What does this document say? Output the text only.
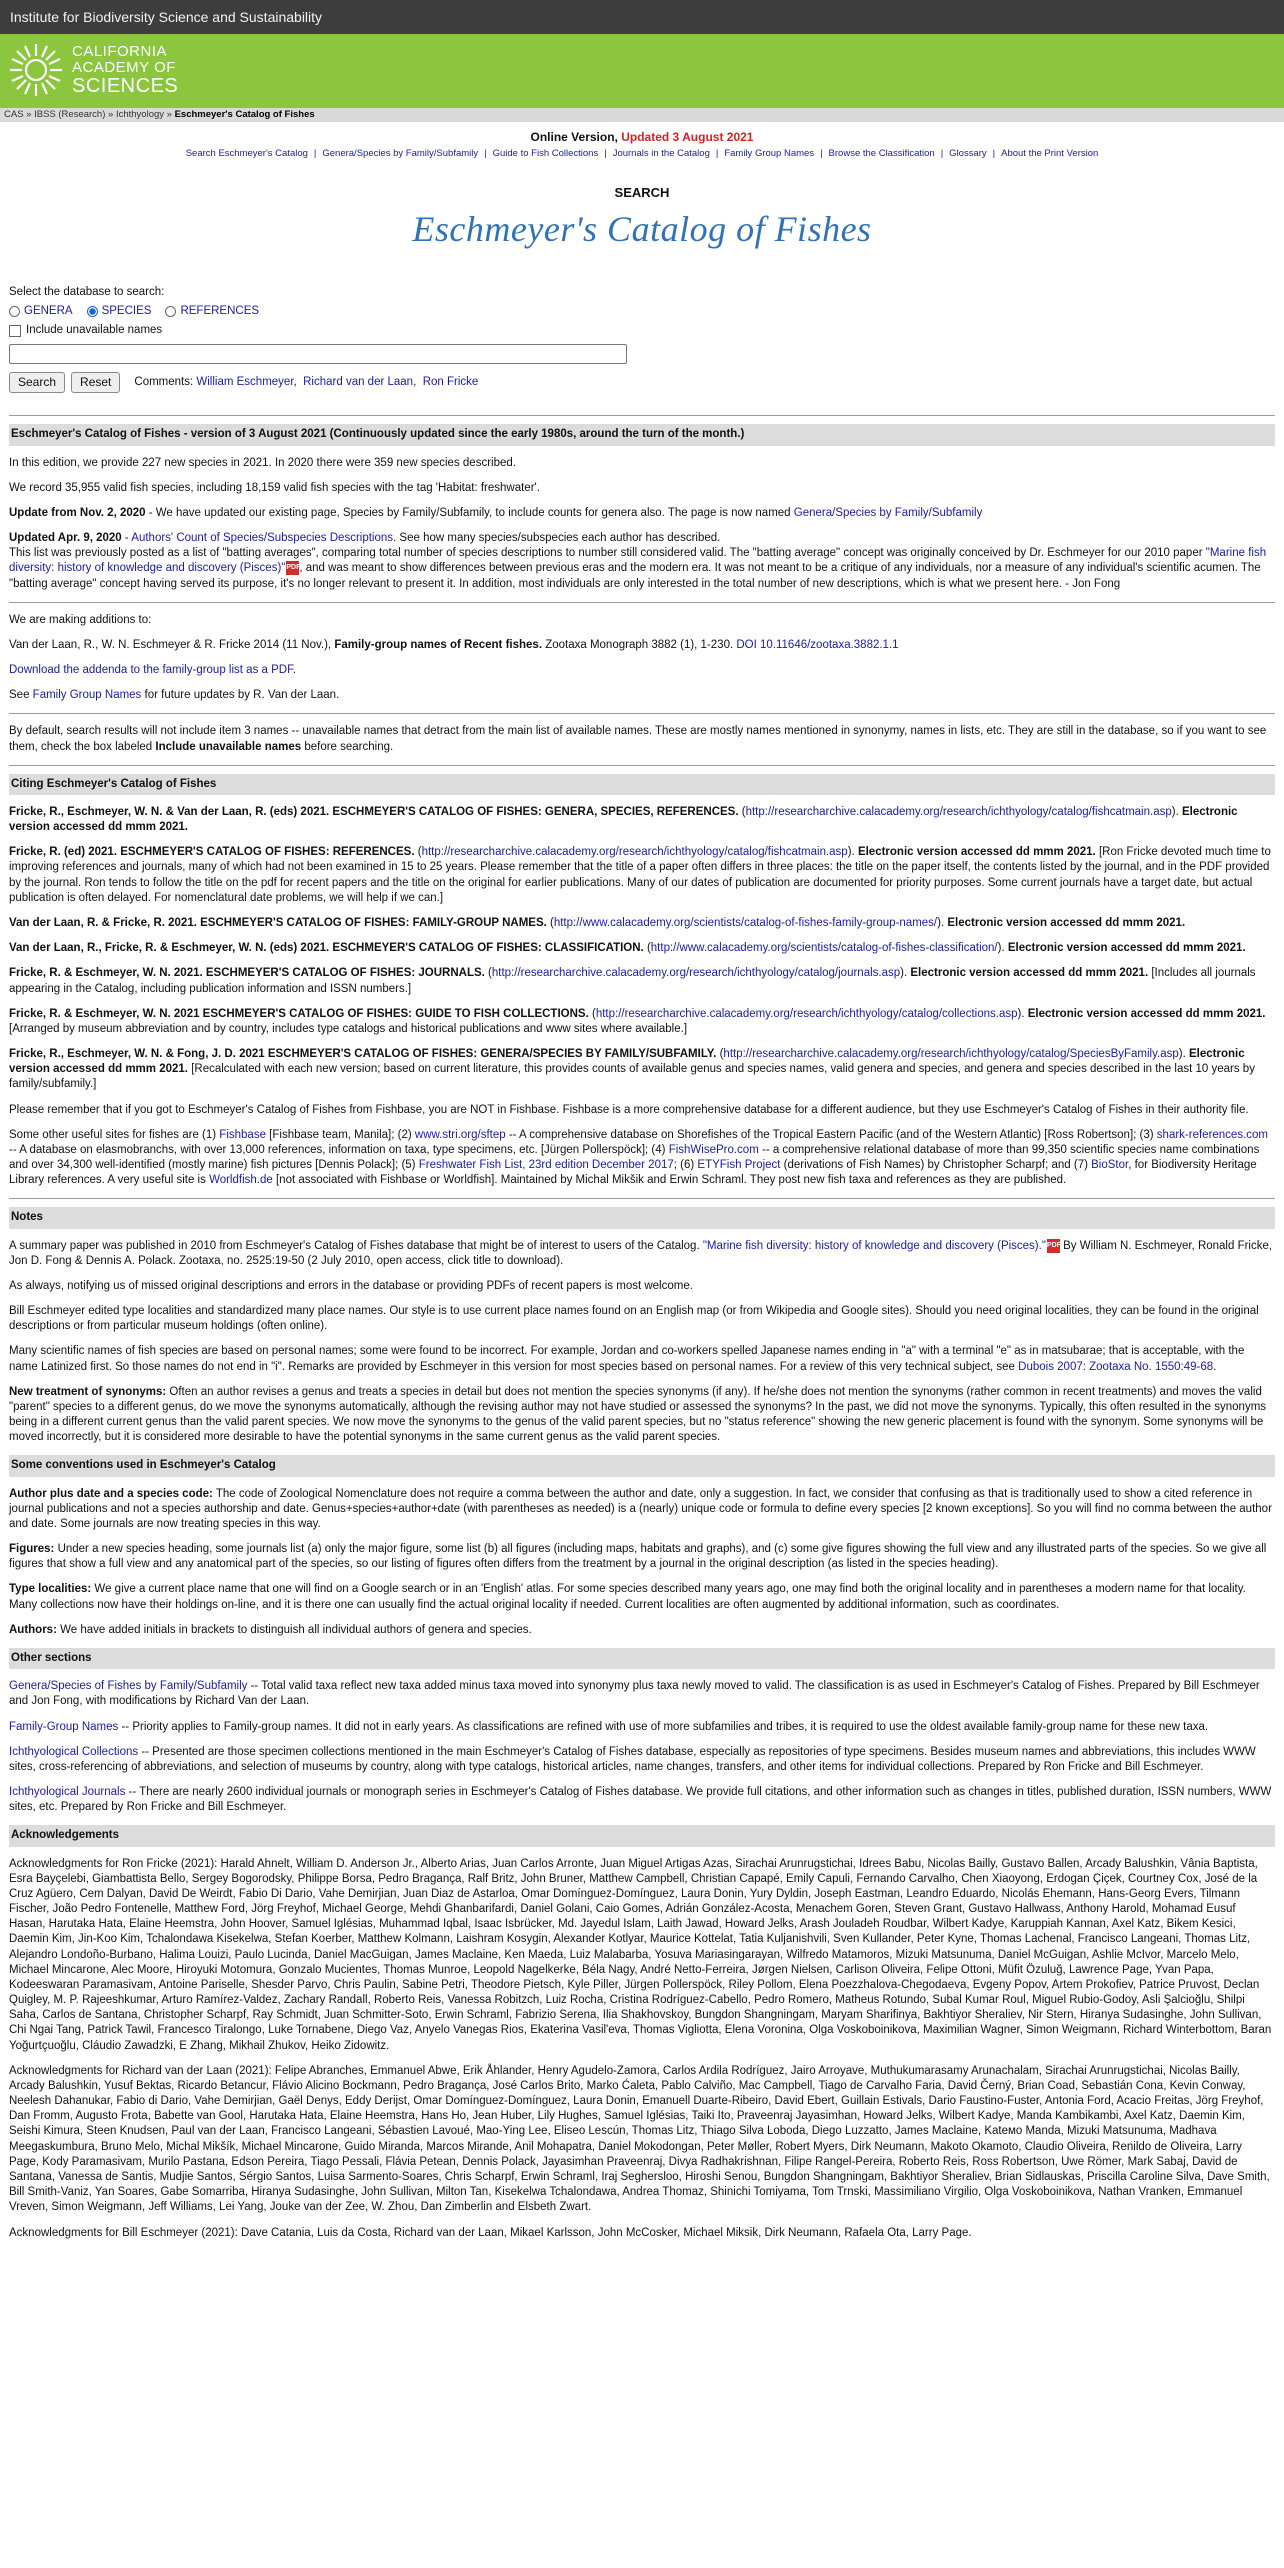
Institute for Biodiversity Science and Sustainability
CALIFORNIA
ACADEMY OF
SCIENCES
CAS » IBSS (Research) » Ichthyology » Eschmeyer's Catalog of Fishes
Online Version, Updated 3 August 2021
Search Eschmeyer's Catalog | Genera/Species by Family/Subfamily | Guide to Fish Collections | Journals in the Catalog | Family Group Names | Browse the Classification | Glossary | About the Print Version
SEARCH
Eschmeyer's Catalog of Fishes
Select the database to search:
GENERA	SPECIES	REFERENCES
Include unavailable names
Search	Reset	Comments: William Eschmeyer,  Richard van der Laan,  Ron Fricke
Eschmeyer's Catalog of Fishes - version of 3 August 2021 (Continuously updated since the early 1980s, around the turn of the month.)

In this edition, we provide 227 new species in 2021. In 2020 there were 359 new species described.

We record 35,955 valid fish species, including 18,159 valid fish species with the tag 'Habitat: freshwater'.

Update from Nov. 2, 2020 - We have updated our existing page, Species by Family/Subfamily, to include counts for genera also. The page is now named Genera/Species by Family/Subfamily

Updated Apr. 9, 2020 - Authors' Count of Species/Subspecies Descriptions. See how many species/subspecies each author has described.
This list was previously posted as a list of "batting averages", comparing total number of species descriptions to number still considered valid. The "batting average" concept was originally conceived by Dr. Eschmeyer for our 2010 paper "Marine fish diversity: history of knowledge and discovery (Pisces)"PDF, and was meant to show differences between previous eras and the modern era. It was not meant to be a critique of any individuals, nor a measure of any individual's scientific acumen. The "batting average" concept having served its purpose, it's no longer relevant to present it. In addition, most individuals are only interested in the total number of new descriptions, which is what we present here. - Jon Fong

We are making additions to:

Van der Laan, R., W. N. Eschmeyer & R. Fricke 2014 (11 Nov.), Family-group names of Recent fishes. Zootaxa Monograph 3882 (1), 1-230. DOI 10.11646/zootaxa.3882.1.1

Download the addenda to the family-group list as a PDF.

See Family Group Names for future updates by R. Van der Laan.

By default, search results will not include item 3 names -- unavailable names that detract from the main list of available names. These are mostly names mentioned in synonymy, names in lists, etc. They are still in the database, so if you want to see them, check the box labeled Include unavailable names before searching.

Citing Eschmeyer's Catalog of Fishes

Fricke, R., Eschmeyer, W. N. & Van der Laan, R. (eds) 2021. ESCHMEYER'S CATALOG OF FISHES: GENERA, SPECIES, REFERENCES. (http://researcharchive.calacademy.org/research/ichthyology/catalog/fishcatmain.asp). Electronic version accessed dd mmm 2021.

Fricke, R. (ed) 2021. ESCHMEYER'S CATALOG OF FISHES: REFERENCES. (http://researcharchive.calacademy.org/research/ichthyology/catalog/fishcatmain.asp). Electronic version accessed dd mmm 2021. [Ron Fricke devoted much time to improving references and journals, many of which had not been examined in 15 to 25 years. Please remember that the title of a paper often differs in three places: the title on the paper itself, the contents listed by the journal, and in the PDF provided by the journal. Ron tends to follow the title on the pdf for recent papers and the title on the original for earlier publications. Many of our dates of publication are documented for priority purposes. Some current journals have a target date, but actual publication is often delayed. For nomenclatural date problems, we will help if we can.]

Van der Laan, R. & Fricke, R. 2021. ESCHMEYER'S CATALOG OF FISHES: FAMILY-GROUP NAMES. (http://www.calacademy.org/scientists/catalog-of-fishes-family-group-names/). Electronic version accessed dd mmm 2021.

Van der Laan, R., Fricke, R. & Eschmeyer, W. N. (eds) 2021. ESCHMEYER'S CATALOG OF FISHES: CLASSIFICATION. (http://www.calacademy.org/scientists/catalog-of-fishes-classification/). Electronic version accessed dd mmm 2021.

Fricke, R. & Eschmeyer, W. N. 2021. ESCHMEYER'S CATALOG OF FISHES: JOURNALS. (http://researcharchive.calacademy.org/research/ichthyology/catalog/journals.asp). Electronic version accessed dd mmm 2021. [Includes all journals appearing in the Catalog, including publication information and ISSN numbers.]

Fricke, R. & Eschmeyer, W. N. 2021 ESCHMEYER'S CATALOG OF FISHES: GUIDE TO FISH COLLECTIONS. (http://researcharchive.calacademy.org/research/ichthyology/catalog/collections.asp). Electronic version accessed dd mmm 2021. [Arranged by museum abbreviation and by country, includes type catalogs and historical publications and www sites where available.]

Fricke, R., Eschmeyer, W. N. & Fong, J. D. 2021 ESCHMEYER'S CATALOG OF FISHES: GENERA/SPECIES BY FAMILY/SUBFAMILY. (http://researcharchive.calacademy.org/research/ichthyology/catalog/SpeciesByFamily.asp). Electronic version accessed dd mmm 2021. [Recalculated with each new version; based on current literature, this provides counts of available genus and species names, valid genera and species, and genera and species described in the last 10 years by family/subfamily.]

Please remember that if you got to Eschmeyer's Catalog of Fishes from Fishbase, you are NOT in Fishbase. Fishbase is a more comprehensive database for a different audience, but they use Eschmeyer's Catalog of Fishes in their authority file.

Some other useful sites for fishes are (1) Fishbase [Fishbase team, Manila]; (2) www.stri.org/sftep -- A comprehensive database on Shorefishes of the Tropical Eastern Pacific (and of the Western Atlantic) [Ross Robertson]; (3) shark-references.com -- A database on elasmobranchs, with over 13,000 references, information on taxa, type specimens, etc. [Jürgen Pollerspöck]; (4) FishWisePro.com -- a comprehensive relational database of more than 99,350 scientific species name combinations and over 34,300 well-identified (mostly marine) fish pictures [Dennis Polack]; (5) Freshwater Fish List, 23rd edition December 2017; (6) ETYFish Project (derivations of Fish Names) by Christopher Scharpf; and (7) BioStor, for Biodiversity Heritage Library references. A very useful site is Worldfish.de [not associated with Fishbase or Worldfish]. Maintained by Michal Mikšik and Erwin Schraml. They post new fish taxa and references as they are published.

Notes

A summary paper was published in 2010 from Eschmeyer's Catalog of Fishes database that might be of interest to users of the Catalog. "Marine fish diversity: history of knowledge and discovery (Pisces)."PDF By William N. Eschmeyer, Ronald Fricke, Jon D. Fong & Dennis A. Polack. Zootaxa, no. 2525:19-50 (2 July 2010, open access, click title to download).

As always, notifying us of missed original descriptions and errors in the database or providing PDFs of recent papers is most welcome.

Bill Eschmeyer edited type localities and standardized many place names. Our style is to use current place names found on an English map (or from Wikipedia and Google sites). Should you need original localities, they can be found in the original descriptions or from particular museum holdings (often online).

Many scientific names of fish species are based on personal names; some were found to be incorrect. For example, Jordan and co-workers spelled Japanese names ending in "a" with a terminal "e" as in matsubarae; that is acceptable, with the name Latinized first. So those names do not end in "i". Remarks are provided by Eschmeyer in this version for most species based on personal names. For a review of this very technical subject, see Dubois 2007: Zootaxa No. 1550:49-68.

New treatment of synonyms: Often an author revises a genus and treats a species in detail but does not mention the species synonyms (if any). If he/she does not mention the synonyms (rather common in recent treatments) and moves the valid "parent" species to a different genus, do we move the synonyms automatically, although the revising author may not have studied or assessed the synonyms? In the past, we did not move the synonyms. Typically, this often resulted in the synonyms being in a different current genus than the valid parent species. We now move the synonyms to the genus of the valid parent species, but no "status reference" showing the new generic placement is found with the synonym. Some synonyms will be moved incorrectly, but it is considered more desirable to have the potential synonyms in the same current genus as the valid parent species.

Some conventions used in Eschmeyer's Catalog

Author plus date and a species code: The code of Zoological Nomenclature does not require a comma between the author and date, only a suggestion. In fact, we consider that confusing as that is traditionally used to show a cited reference in journal publications and not a species authorship and date. Genus+species+author+date (with parentheses as needed) is a (nearly) unique code or formula to define every species [2 known exceptions]. So you will find no comma between the author and date. Some journals are now treating species in this way.

Figures: Under a new species heading, some journals list (a) only the major figure, some list (b) all figures (including maps, habitats and graphs), and (c) some give figures showing the full view and any illustrated parts of the species. So we give all figures that show a full view and any anatomical part of the species, so our listing of figures often differs from the treatment by a journal in the original description (as listed in the species heading).

Type localities: We give a current place name that one will find on a Google search or in an 'English' atlas. For some species described many years ago, one may find both the original locality and in parentheses a modern name for that locality. Many collections now have their holdings on-line, and it is there one can usually find the actual original locality if needed. Current localities are often augmented by additional information, such as coordinates.

Authors: We have added initials in brackets to distinguish all individual authors of genera and species.

Other sections

Genera/Species of Fishes by Family/Subfamily -- Total valid taxa reflect new taxa added minus taxa moved into synonymy plus taxa newly moved to valid. The classification is as used in Eschmeyer's Catalog of Fishes. Prepared by Bill Eschmeyer and Jon Fong, with modifications by Richard Van der Laan.

Family-Group Names -- Priority applies to Family-group names. It did not in early years. As classifications are refined with use of more subfamilies and tribes, it is required to use the oldest available family-group name for these new taxa.

Ichthyological Collections -- Presented are those specimen collections mentioned in the main Eschmeyer's Catalog of Fishes database, especially as repositories of type specimens. Besides museum names and abbreviations, this includes WWW sites, cross-referencing of abbreviations, and selection of museums by country, along with type catalogs, historical articles, name changes, transfers, and other items for individual collections. Prepared by Ron Fricke and Bill Eschmeyer.

Ichthyological Journals -- There are nearly 2600 individual journals or monograph series in Eschmeyer's Catalog of Fishes database. We provide full citations, and other information such as changes in titles, published duration, ISSN numbers, WWW sites, etc. Prepared by Ron Fricke and Bill Eschmeyer.

Acknowledgements

Acknowledgments for Ron Fricke (2021): Harald Ahnelt, William D. Anderson Jr., Alberto Arias, Juan Carlos Arronte, Juan Miguel Artigas Azas, Sirachai Arunrugstichai, Idrees Babu, Nicolas Bailly, Gustavo Ballen, Arcady Balushkin, Vânia Baptista, Esra Bayçelebi, Giambattista Bello, Sergey Bogorodsky, Philippe Borsa, Pedro Bragança, Ralf Britz, John Bruner, Matthew Campbell, Christian Capapé, Emily Capuli, Fernando Carvalho, Chen Xiaoyong, Erdogan Çiçek, Courtney Cox, José de la Cruz Agüero, Cem Dalyan, David De Weirdt, Fabio Di Dario, Vahe Demirjian, Juan Diaz de Astarloa, Omar Domínguez-Domínguez, Laura Donin, Yury Dyldin, Joseph Eastman, Leandro Eduardo, Nicolás Ehemann, Hans-Georg Evers, Tilmann Fischer, João Pedro Fontenelle, Matthew Ford, Jörg Freyhof, Michael George, Mehdi Ghanbarifardi, Daniel Golani, Caio Gomes, Adrián González-Acosta, Menachem Goren, Steven Grant, Gustavo Hallwass, Anthony Harold, Mohamad Eusuf Hasan, Harutaka Hata, Elaine Heemstra, John Hoover, Samuel Iglésias, Muhammad Iqbal, Isaac Isbrücker, Md. Jayedul Islam, Laith Jawad, Howard Jelks, Arash Jouladeh Roudbar, Wilbert Kadye, Karuppiah Kannan, Axel Katz, Bikem Kesici, Daemin Kim, Jin-Koo Kim, Tchalondawa Kisekelwa, Stefan Koerber, Matthew Kolmann, Laishram Kosygin, Alexander Kotlyar, Maurice Kottelat, Tatia Kuljanishvili, Sven Kullander, Peter Kyne, Thomas Lachenal, Francisco Langeani, Thomas Litz, Alejandro Londoño-Burbano, Halima Louizi, Paulo Lucinda, Daniel MacGuigan, James Maclaine, Ken Maeda, Luiz Malabarba, Yosuva Mariasingarayan, Wilfredo Matamoros, Mizuki Matsunuma, Daniel McGuigan, Ashlie McIvor, Marcelo Melo, Michael Mincarone, Alec Moore, Hiroyuki Motomura, Gonzalo Mucientes, Thomas Munroe, Leopold Nagelkerke, Béla Nagy, André Netto-Ferreira, Jørgen Nielsen, Carlison Oliveira, Felipe Ottoni, Müfit Özuluğ, Lawrence Page, Yvan Papa, Kodeeswaran Paramasivam, Antoine Pariselle, Shesder Parvo, Chris Paulin, Sabine Petri, Theodore Pietsch, Kyle Piller, Jürgen Pollerspöck, Riley Pollom, Elena Poezzhalova-Chegodaeva, Evgeny Popov, Artem Prokofiev, Patrice Pruvost, Declan Quigley, M. P. Rajeeshkumar, Arturo Ramírez-Valdez, Zachary Randall, Roberto Reis, Vanessa Robitzch, Luiz Rocha, Cristina Rodríguez-Cabello, Pedro Romero, Matheus Rotundo, Subal Kumar Roul, Miguel Rubio-Godoy, Asli Şalcioğlu, Shilpi Saha, Carlos de Santana, Christopher Scharpf, Ray Schmidt, Juan Schmitter-Soto, Erwin Schraml, Fabrizio Serena, Ilia Shakhovskoy, Bungdon Shangningam, Maryam Sharifinya, Bakhtiyor Sheraliev, Nir Stern, Hiranya Sudasinghe, John Sullivan, Chi Ngai Tang, Patrick Tawil, Francesco Tiralongo, Luke Tornabene, Diego Vaz, Anyelo Vanegas Rios, Ekaterina Vasil'eva, Thomas Vigliotta, Elena Voronina, Olga Voskoboinikova, Maximilian Wagner, Simon Weigmann, Richard Winterbottom, Baran Yoğurtçuoğlu, Cláudio Zawadzki, E Zhang, Mikhail Zhukov, Heiko Zidowitz.

Acknowledgments for Richard van der Laan (2021): Felipe Abranches, Emmanuel Abwe, Erik Åhlander, Henry Agudelo-Zamora, Carlos Ardila Rodríguez, Jairo Arroyave, Muthukumarasamy Arunachalam, Sirachai Arunrugstichai, Nicolas Bailly, Arcady Balushkin, Yusuf Bektas, Ricardo Betancur, Flávio Alicino Bockmann, Pedro Bragança, José Carlos Brito, Marko Ćaleta, Pablo Calviño, Mac Campbell, Tiago de Carvalho Faria, David Černý, Brian Coad, Sebastián Cona, Kevin Conway, Neelesh Dahanukar, Fabio di Dario, Vahe Demirjian, Gaël Denys, Eddy Derijst, Omar Domínguez-Domínguez, Laura Donin, Emanuell Duarte-Ribeiro, David Ebert, Guillain Estivals, Dario Faustino-Fuster, Antonia Ford, Acacio Freitas, Jörg Freyhof, Dan Fromm, Augusto Frota, Babette van Gool, Harutaka Hata, Elaine Heemstra, Hans Ho, Jean Huber, Lily Hughes, Samuel Iglésias, Taiki Ito, Praveenraj Jayasimhan, Howard Jelks, Wilbert Kadye, Manda Kambikambi, Axel Katz, Daemin Kim, Seishi Kimura, Steen Knudsen, Paul van der Laan, Francisco Langeani, Sébastien Lavoué, Mao-Ying Lee, Eliseo Lescún, Thomas Litz, Thiago Silva Loboda, Diego Luzzatto, James Maclaine, Kateмо Manda, Mizuki Matsunuma, Madhava Meegaskumbura, Bruno Melo, Michal Mikšík, Michael Mincarone, Guido Miranda, Marcos Mirande, Anil Mohapatra, Daniel Mokodongan, Peter Møller, Robert Myers, Dirk Neumann, Makoto Okamoto, Claudio Oliveira, Renildo de Oliveira, Larry Page, Kody Paramasivam, Murilo Pastana, Edson Pereira, Tiago Pessali, Flávia Petean, Dennis Polack, Jayasimhan Praveenraj, Divya Radhakrishnan, Filipe Rangel-Pereira, Roberto Reis, Ross Robertson, Uwe Römer, Mark Sabaj, David de Santana, Vanessa de Santis, Mudjie Santos, Sérgio Santos, Luisa Sarmento-Soares, Chris Scharpf, Erwin Schraml, Iraj Seghersloo, Hiroshi Senou, Bungdon Shangningam, Bakhtiyor Sheraliev, Brian Sidlauskas, Priscilla Caroline Silva, Dave Smith, Bill Smith-Vaniz, Yan Soares, Gabe Somarriba, Hiranya Sudasinghe, John Sullivan, Milton Tan, Kisekelwa Tchalondawa, Andrea Thomaz, Shinichi Tomiyama, Tom Trnski, Massimiliano Virgilio, Olga Voskoboinikova, Nathan Vranken, Emmanuel Vreven, Simon Weigmann, Jeff Williams, Lei Yang, Jouke van der Zee, W. Zhou, Dan Zimberlin and Elsbeth Zwart.

Acknowledgments for Bill Eschmeyer (2021): Dave Catania, Luis da Costa, Richard van der Laan, Mikael Karlsson, John McCosker, Michael Miksik, Dirk Neumann, Rafaela Ota, Larry Page.
